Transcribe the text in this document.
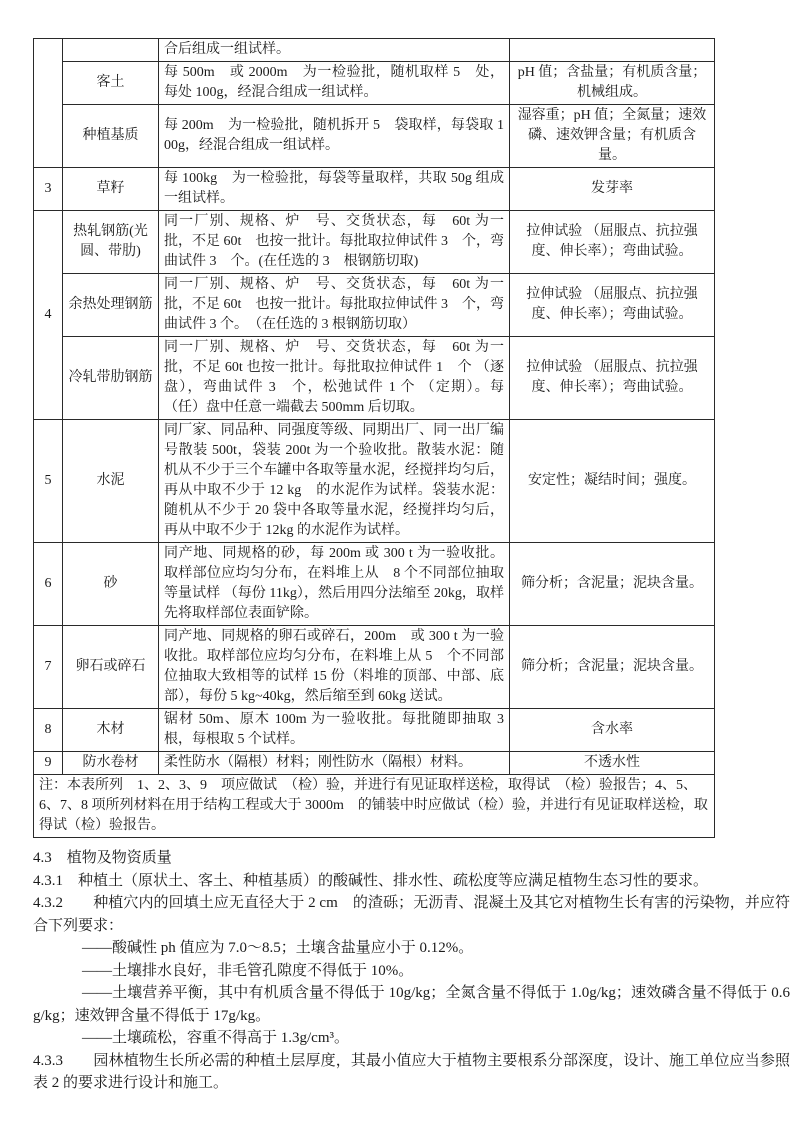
		合后组成一组试样。	
	客土	每 500m　或 2000m　为一检验批，随机取样 5　处，每处 100g，经混合组成一组试样。	pH 值；含盐量；有机质含量；机械组成。
	种植基质	每 200m　为一检验批，随机拆开 5　袋取样，每袋取 100g，经混合组成一组试样。	湿容重；pH 值；全氮量；速效磷、速效钾含量；有机质含量。
3	草籽	每 100kg　为一检验批，每袋等量取样，共取 50g 组成一组试样。	发芽率
4	热轧钢筋(光圆、带肋)	同一厂别、规格、炉　号、交货状态，每　60t 为一批，不足 60t　也按一批计。每批取拉伸试件 3　个，弯曲试件 3　个。(在任选的 3　根钢筋切取)	拉伸试验 （屈服点、抗拉强度、伸长率）；弯曲试验。
	余热处理钢筋	同一厂别、规格、炉　号、交货状态，每　60t 为一批，不足 60t　也按一批计。每批取拉伸试件 3　个，弯曲试件 3 个。　（在任选的 3 根钢筋切取）	拉伸试验 （屈服点、抗拉强度、伸长率）；弯曲试验。
	冷轧带肋钢筋	同一厂别、规格、炉　号、交货状态，每　60t 为一批，不足 60t 也按一批计。每批取拉伸试件 1　个 （逐盘），弯曲试件 3　个，松弛试件 1 个 （定期）。每 （任）盘中任意一端截去 500mm 后切取。	拉伸试验 （屈服点、抗拉强度、伸长率）；弯曲试验。
5	水泥	同厂家、同品种、同强度等级、同期出厂、同一出厂编号散装 500t，袋装 200t 为一个验收批。散装水泥：随机从不少于三个车罐中各取等量水泥，经搅拌均匀后，再从中取不少于 12 kg　的水泥作为试样。袋装水泥：随机从不少于 20 袋中各取等量水泥，经搅拌均匀后，再从中取不少于 12kg 的水泥作为试样。	安定性；凝结时间；强度。
6	砂	同产地、同规格的砂，每 200m 或 300 t 为一验收批。取样部位应均匀分布，在料堆上从　8 个不同部位抽取等量试样 （每份 11kg），然后用四分法缩至 20kg，取样 先将取样部位表面铲除。	筛分析；含泥量；泥块含量。
7	卵石或碎石	同产地、同规格的卵石或碎石，200m　或 300 t 为一验收批。取样部位应均匀分布，在料堆上从 5　个不同部位抽取大致相等的试样 15 份（料堆的顶部、中部、底部），每份 5 kg~40kg，然后缩至到 60kg 送试。	筛分析；含泥量；泥块含量。
8	木材	锯材 50m、原木 100m 为一验收批。每批随即抽取 3 根，每根取 5 个试样。	含水率
9	防水卷材	柔性防水（隔根）材料；刚性防水（隔根）材料。	不透水性
注：本表所列　1、2、3、9　项应做试　（检）验，并进行有见证取样送检，取得试　（检）验报告；4、5、6、7、8 项所列材料在用于结构工程或大于 3000m　的铺装中时应做试（检）验，并进行有见证取样送检，取得试（检）验报告。			

4.3　植物及物资质量

4.3.1　种植土（原状土、客土、种植基质）的酸碱性、排水性、疏松度等应满足植物生态习性的要求。

4.3.2　　种植穴内的回填土应无直径大于 2 cm　的渣砾；无沥青、混凝土及其它对植物生长有害的污染物，并应符合下列要求：

——酸碱性 ph 值应为 7.0～8.5；土壤含盐量应小于 0.12%。

——土壤排水良好，非毛管孔隙度不得低于 10%。

——土壤营养平衡，其中有机质含量不得低于 10g/kg；全氮含量不得低于 1.0g/kg；速效磷含量不得低于 0.6g/kg；速效钾含量不得低于 17g/kg。

——土壤疏松，容重不得高于 1.3g/cm³。

4.3.3　　园林植物生长所必需的种植土层厚度，其最小值应大于植物主要根系分部深度，设计、施工单位应当参照表 2 的要求进行设计和施工。
